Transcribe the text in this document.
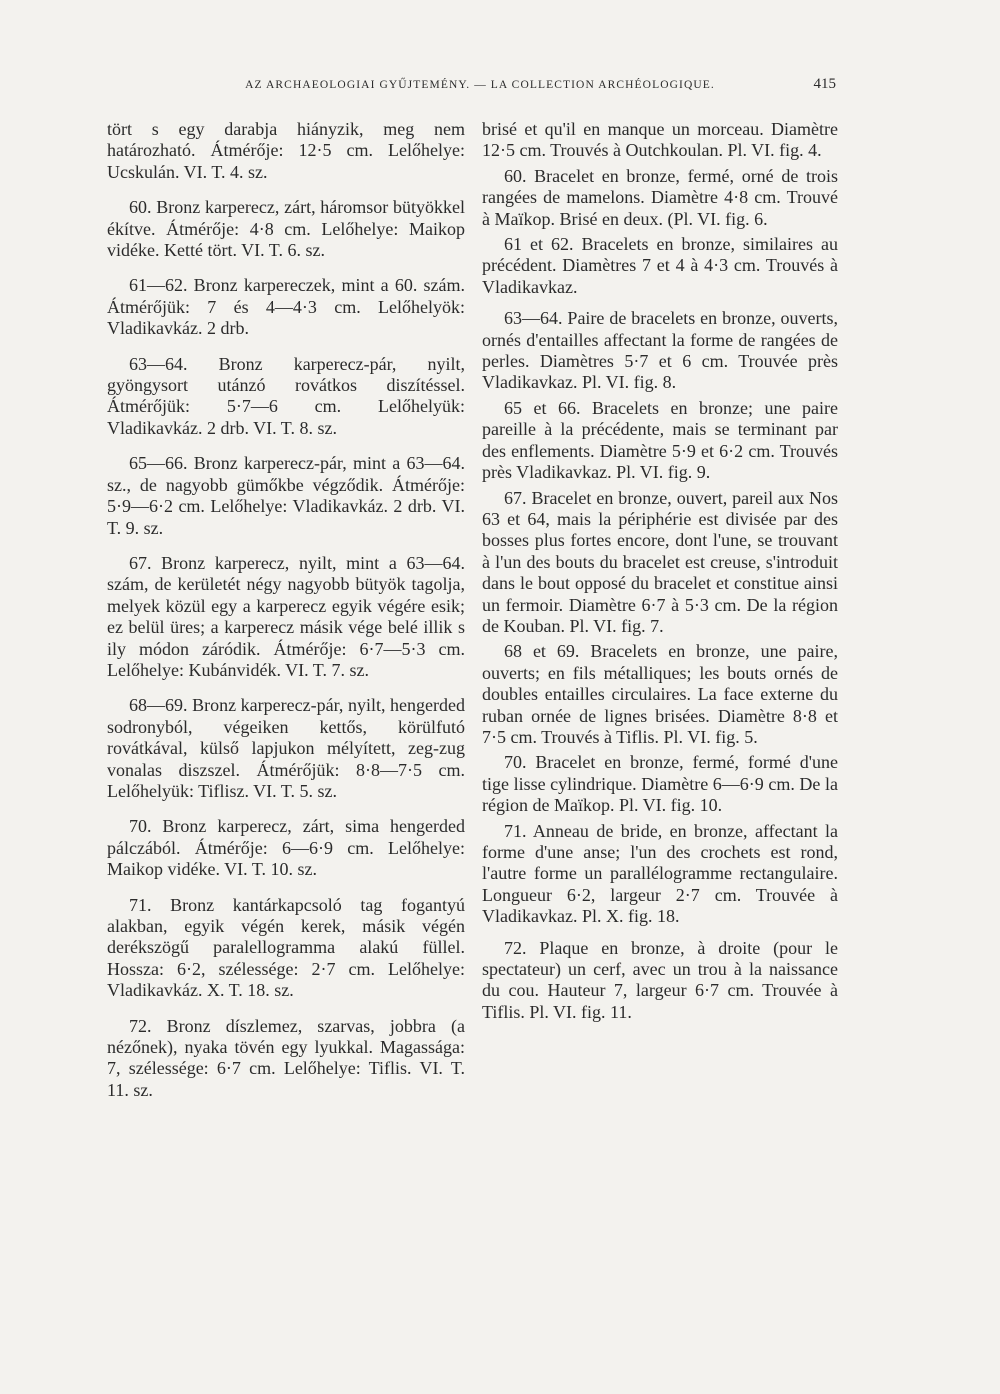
AZ ARCHAEOLOGIAI GYŰJTEMÉNY. — LA COLLECTION ARCHÉOLOGIQUE.	415

tört s egy darabja hiányzik, meg nem határozható. Átmérője: 12·5 cm. Lelőhelye: Ucskulán. VI. T. 4. sz.

60. Bronz karperecz, zárt, háromsor bütyökkel ékítve. Átmérője: 4·8 cm. Lelőhelye: Maikop vidéke. Ketté tört. VI. T. 6. sz.

61—62. Bronz karpereczek, mint a 60. szám. Átmérőjük: 7 és 4—4·3 cm. Lelőhelyök: Vladikavkáz. 2 drb.

63—64. Bronz karperecz-pár, nyilt, gyöngysort utánzó rovátkos diszítéssel. Átmérőjük: 5·7—6 cm. Lelőhelyük: Vladikavkáz. 2 drb. VI. T. 8. sz.

65—66. Bronz karperecz-pár, mint a 63—64. sz., de nagyobb gümőkbe végződik. Átmérője: 5·9—6·2 cm. Lelőhelye: Vladikavkáz. 2 drb. VI. T. 9. sz.

67. Bronz karperecz, nyilt, mint a 63—64. szám, de kerületét négy nagyobb bütyök tagolja, melyek közül egy a karperecz egyik végére esik; ez belül üres; a karperecz másik vége belé illik s ily módon záródik. Átmérője: 6·7—5·3 cm. Lelőhelye: Kubánvidék. VI. T. 7. sz.

68—69. Bronz karperecz-pár, nyilt, hengerded sodronyból, végeiken kettős, körülfutó rovátkával, külső lapjukon mélyített, zeg-zug vonalas diszszel. Átmérőjük: 8·8—7·5 cm. Lelőhelyük: Tiflisz. VI. T. 5. sz.

70. Bronz karperecz, zárt, sima hengerded pálczából. Átmérője: 6—6·9 cm. Lelőhelye: Maikop vidéke. VI. T. 10. sz.

71. Bronz kantárkapcsoló tag fogantyú alakban, egyik végén kerek, másik végén derékszögű paralellogramma alakú füllel. Hossza: 6·2, szélessége: 2·7 cm. Lelőhelye: Vladikavkáz. X. T. 18. sz.

72. Bronz díszlemez, szarvas, jobbra (a nézőnek), nyaka tövén egy lyukkal. Magassága: 7, szélessége: 6·7 cm. Lelőhelye: Tiflis. VI. T. 11. sz.

brisé et qu'il en manque un morceau. Diamètre 12·5 cm. Trouvés à Outchkoulan. Pl. VI. fig. 4.

60. Bracelet en bronze, fermé, orné de trois rangées de mamelons. Diamètre 4·8 cm. Trouvé à Maïkop. Brisé en deux. (Pl. VI. fig. 6.

61 et 62. Bracelets en bronze, similaires au précédent. Diamètres 7 et 4 à 4·3 cm. Trouvés à Vladikavkaz.

63—64. Paire de bracelets en bronze, ouverts, ornés d'entailles affectant la forme de rangées de perles. Diamètres 5·7 et 6 cm. Trouvée près Vladikavkaz. Pl. VI. fig. 8.

65 et 66. Bracelets en bronze; une paire pareille à la précédente, mais se terminant par des enflements. Diamètre 5·9 et 6·2 cm. Trouvés près Vladikavkaz. Pl. VI. fig. 9.

67. Bracelet en bronze, ouvert, pareil aux Nos 63 et 64, mais la périphérie est divisée par des bosses plus fortes encore, dont l'une, se trouvant à l'un des bouts du bracelet est creuse, s'introduit dans le bout opposé du bracelet et constitue ainsi un fermoir. Diamètre 6·7 à 5·3 cm. De la région de Kouban. Pl. VI. fig. 7.

68 et 69. Bracelets en bronze, une paire, ouverts; en fils métalliques; les bouts ornés de doubles entailles circulaires. La face externe du ruban ornée de lignes brisées. Diamètre 8·8 et 7·5 cm. Trouvés à Tiflis. Pl. VI. fig. 5.

70. Bracelet en bronze, fermé, formé d'une tige lisse cylindrique. Diamètre 6—6·9 cm. De la région de Maïkop. Pl. VI. fig. 10.

71. Anneau de bride, en bronze, affectant la forme d'une anse; l'un des crochets est rond, l'autre forme un parallélogramme rectangulaire. Longueur 6·2, largeur 2·7 cm. Trouvée à Vladikavkaz. Pl. X. fig. 18.

72. Plaque en bronze, à droite (pour le spectateur) un cerf, avec un trou à la naissance du cou. Hauteur 7, largeur 6·7 cm. Trouvée à Tiflis. Pl. VI. fig. 11.
